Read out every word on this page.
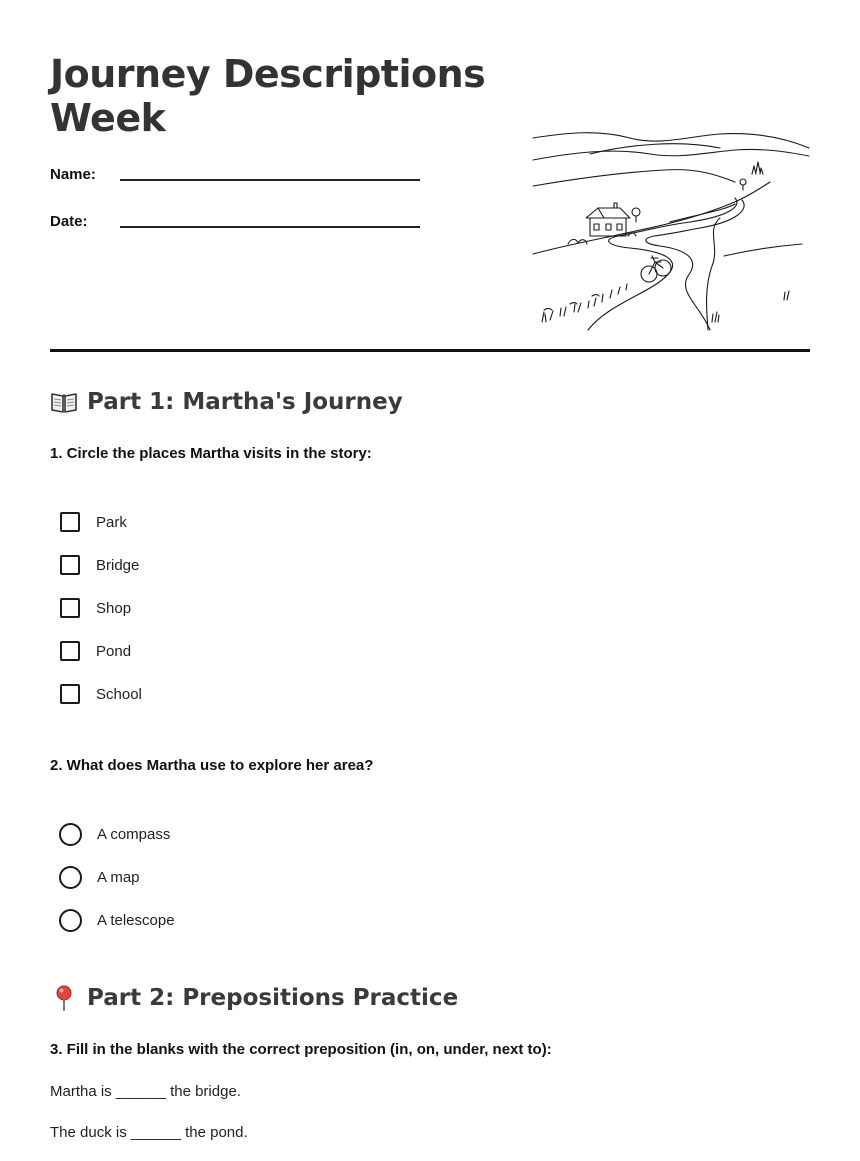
Journey Descriptions
Week
Name:
Date:
Part 1: Martha's Journey
1. Circle the places Martha visits in the story:
Park
Bridge
Shop
Pond
School
2. What does Martha use to explore her area?
A compass
A map
A telescope
Part 2: Prepositions Practice
3. Fill in the blanks with the correct preposition (in, on, under, next to):
Martha is ______ the bridge.
The duck is ______ the pond.
